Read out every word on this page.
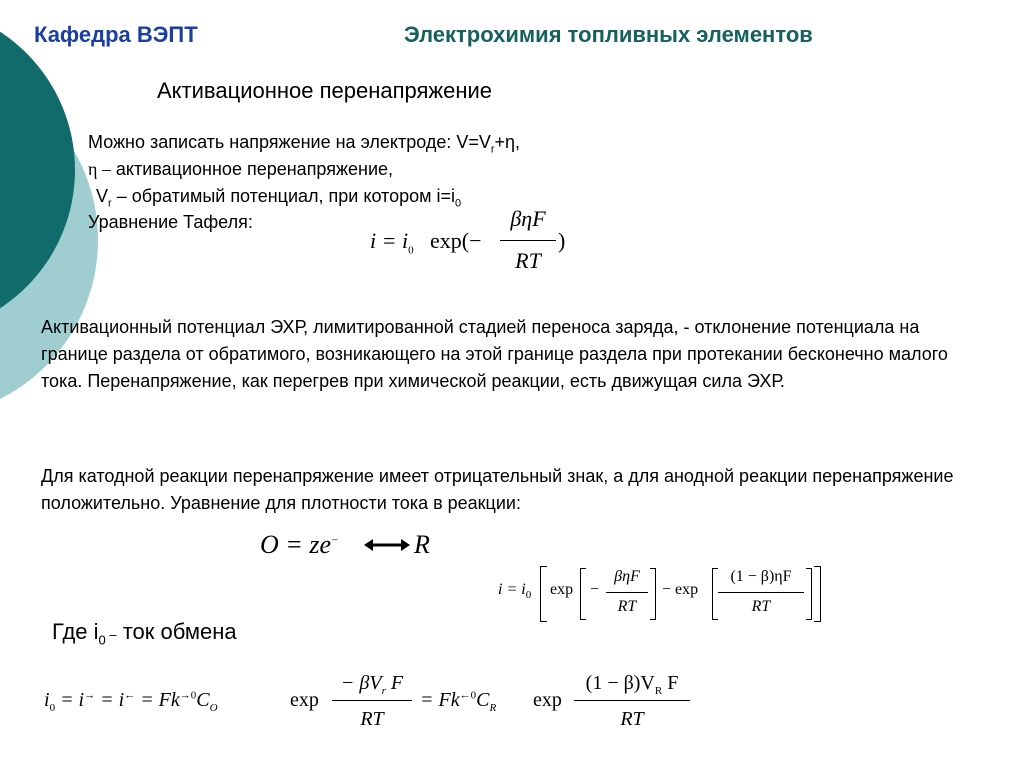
Кафедра ВЭПТ	Электрохимия топливных элементов
Активационное перенапряжение
Можно записать напряжение на электроде: $V=V_r+\eta$,
η – активационное перенапряжение,
$V_r$ – обратимый потенциал, при котором $i=i_0$
Уравнение Тафеля:
$i = i_0$ exp(−
βηF
RT
)
Активационный потенциал ЭХР, лимитированной стадией переноса заряда, - отклонение потенциала на границе раздела от обратимого, возникающего на этой границе раздела при протекании бесконечно малого тока. Перенапряжение, как перегрев при химической реакции, есть движущая сила ЭХР.
Для катодной реакции перенапряжение имеет отрицательный знак, а для анодной реакции перенапряжение положительно. Уравнение для плотности тока в реакции:
O = ze−	R
$i = i_0$ exp −
βηF
RT
− exp
(1 − β)ηF
RT
Где $i_0$ – ток обмена
$i_0 = i^\to = i^\leftarrow = Fk^{\to 0}C_O$	exp
− $\beta V_r$ F
RT
= $Fk^{\leftarrow 0}C_R$ exp
$(1 - \beta)V_R$ F
RT
